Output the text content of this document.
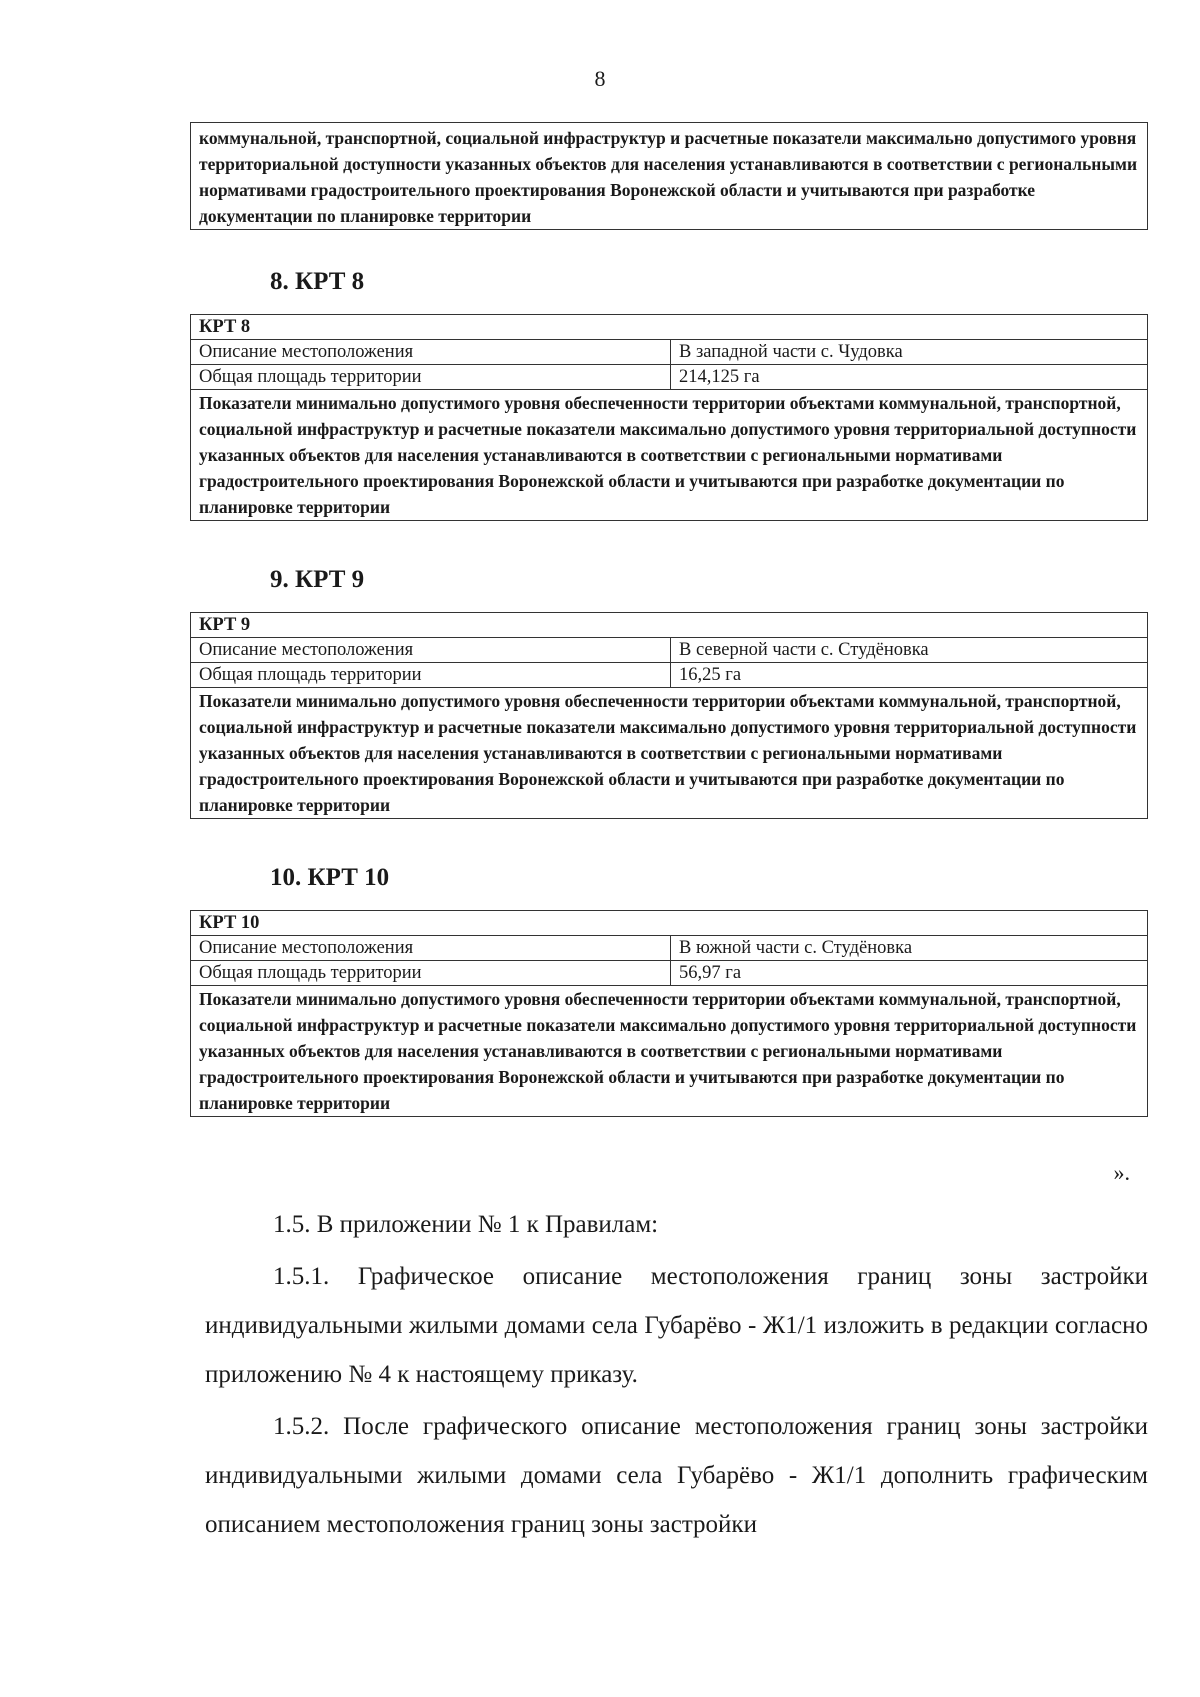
8
коммунальной, транспортной, социальной инфраструктур и расчетные показатели максимально допустимого уровня территориальной доступности указанных объектов для населения устанавливаются в соответствии с региональными нормативами градостроительного проектирования Воронежской области и учитываются при разработке документации по планировке территории
8. КРТ 8
КРТ 8	
Описание местоположения	В западной части с. Чудовка
Общая площадь территории	214,125 га
Показатели минимально допустимого уровня обеспеченности территории объектами коммунальной, транспортной, социальной инфраструктур и расчетные показатели максимально допустимого уровня территориальной доступности указанных объектов для населения устанавливаются в соответствии с региональными нормативами градостроительного проектирования Воронежской области и учитываются при разработке документации по планировке территории	
9. КРТ 9
КРТ 9	
Описание местоположения	В северной части с. Студёновка
Общая площадь территории	16,25 га
Показатели минимально допустимого уровня обеспеченности территории объектами коммунальной, транспортной, социальной инфраструктур и расчетные показатели максимально допустимого уровня территориальной доступности указанных объектов для населения устанавливаются в соответствии с региональными нормативами градостроительного проектирования Воронежской области и учитываются при разработке документации по планировке территории	
10. КРТ 10
КРТ 10	
Описание местоположения	В южной части с. Студёновка
Общая площадь территории	56,97 га
Показатели минимально допустимого уровня обеспеченности территории объектами коммунальной, транспортной, социальной инфраструктур и расчетные показатели максимально допустимого уровня территориальной доступности указанных объектов для населения устанавливаются в соответствии с региональными нормативами градостроительного проектирования Воронежской области и учитываются при разработке документации по планировке территории	
».
1.5. В приложении № 1 к Правилам:
1.5.1. Графическое описание местоположения границ зоны застройки индивидуальными жилыми домами села Губарёво - Ж1/1 изложить в редакции согласно приложению № 4 к настоящему приказу.
1.5.2. После графического описание местоположения границ зоны застройки индивидуальными жилыми домами села Губарёво - Ж1/1 дополнить графическим описанием местоположения границ зоны застройки
